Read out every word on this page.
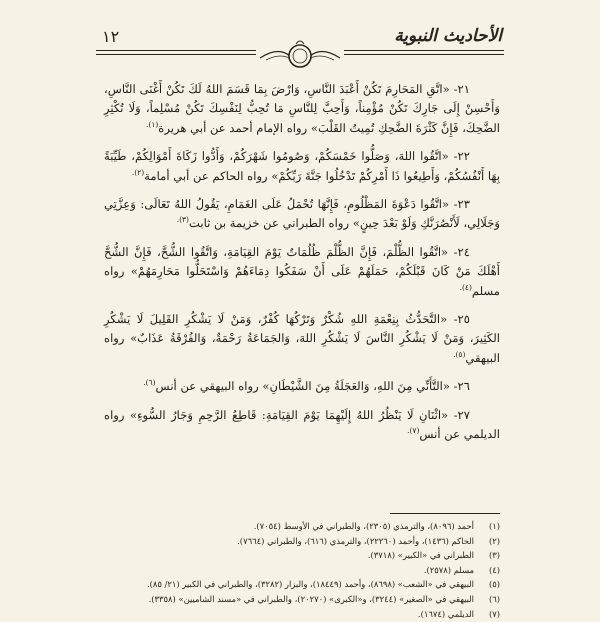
الأحاديث النبوية
١٢

٢١- «اتَّقِ المَحَارِمَ تَكُنْ أَعْبَدَ النَّاسِ، وَارْضَ بِمَا قَسَمَ اللهُ لَكَ تَكُنْ أَغْنَى النَّاسِ، وَأَحْسِنْ إِلَى جَارِكَ تَكُنْ مُؤْمِناً، وَأَحِبَّ لِلنَّاسِ مَا تُحِبُّ لِنَفْسِكَ تَكُنْ مُسْلِماً، وَلَا تُكْثِرِ الضَّحِكَ، فَإِنَّ كَثْرَةَ الضَّحِكِ تُمِيتُ القَلْبَ» رواه الإمام أحمد عن أبي هريرة$^{(١).}$

٢٢- «اتَّقُوا اللهَ، وَصَلُّوا خَمْسَكُمْ، وَصُومُوا شَهْرَكُمْ، وَأَدُّوا زَكَاةَ أَمْوَالِكُمْ، طَيِّبَةً بِهَا أَنْفُسُكُمْ، وَأَطِيعُوا ذَا أَمْرِكُمْ تَدْخُلُوا جَنَّةَ رَبِّكُمْ» رواه الحاكم عن أبي أمامة$^{(٢).}$

٢٣- «اتَّقُوا دَعْوَةَ المَظْلُومِ، فَإِنَّهَا تُحْمَلُ عَلَى الغَمَامِ، يَقُولُ اللهُ تَعَالَى: وَعِزَّتِي وَجَلَالِي، لَأَنْصُرَنَّكِ وَلَوْ بَعْدَ حِينٍ» رواه الطبراني عن خزيمة بن ثابت$^{(٣).}$

٢٤- «اتَّقُوا الظُّلْمَ، فَإِنَّ الظُّلْمَ ظُلُمَاتٌ يَوْمَ القِيَامَةِ، وَاتَّقُوا الشُّحَّ، فَإِنَّ الشُّحَّ أَهْلَكَ مَنْ كَانَ قَبْلَكُمْ، حَمَلَهُمْ عَلَى أَنْ سَفَكُوا دِمَاءَهُمْ وَاسْتَحَلُّوا مَحَارِمَهُمْ» رواه مسلم$^{(٤).}$

٢٥- «التَّحَدُّثُ بِنِعْمَةِ اللهِ شُكْرٌ وَتَرْكُهَا كُفْرٌ، وَمَنْ لَا يَشْكُرِ القَلِيلَ لَا يَشْكُرِ الكَثِيرَ، وَمَنْ لَا يَشْكُرِ النَّاسَ لَا يَشْكُرِ اللهَ، وَالجَمَاعَةُ رَحْمَةٌ، وَالفُرْقَةُ عَذَابٌ» رواه البيهقي$^{(٥).}$

٢٦- «التَّأَنِّي مِنَ اللهِ، وَالعَجَلَةُ مِنَ الشَّيْطَانِ» رواه البيهقي عن أنس$^{(٦).}$

٢٧- «اثْنَانِ لَا يَنْظُرُ اللهُ إِلَيْهِمَا يَوْمَ القِيَامَةِ: قَاطِعُ الرَّحِمِ وَجَارُ السُّوءِ» رواه الديلمي عن أنس$^{(٧).}$

(١)
أحمد (٨٠٩٦)، والترمذي (٢٣٠٥)، والطبراني في الأوسط (٧٠٥٤).
(٢)
الحاكم (١٤٣٦)، وأحمد (٢٢٢٦٠)، والترمذي (٦١٦)، والطبراني (٧٦٦٤).
(٣)
الطبراني في «الكبير» (٣٧١٨).
(٤)
مسلم (٢٥٧٨).
(٥)
البيهقي في «الشعب» (٨٦٩٨)، وأحمد (١٨٤٤٩)، والبزار (٣٢٨٢)، والطبراني في الكبير (٢١/ ٨٥).
(٦)
البيهقي في «الصغير» (٣٢٤٤)، و«الكبرى» (٢٠٢٧٠)، والطبراني في «مسند الشاميين» (٣٣٥٨).
(٧)
الديلمي (١٦٧٤).
